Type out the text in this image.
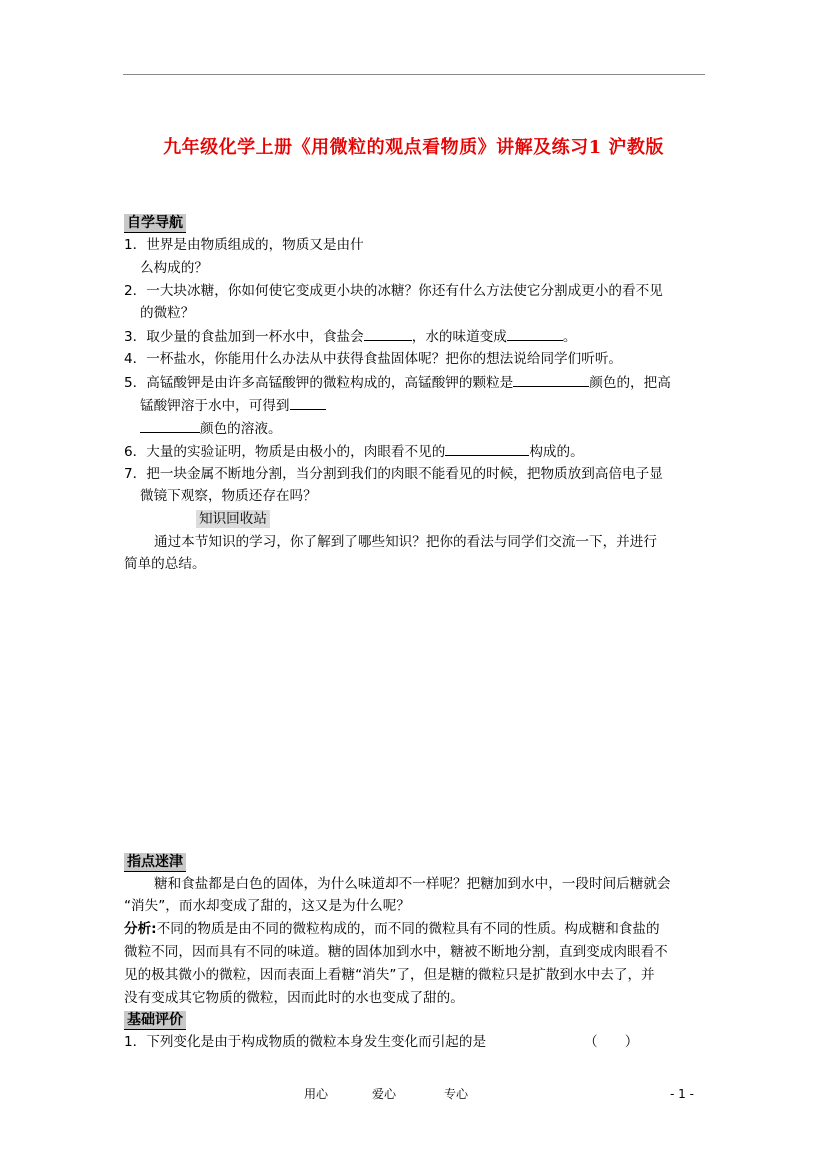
九年级化学上册《用微粒的观点看物质》讲解及练习1 沪教版
自学导航
1．世界是由物质组成的，物质又是由什
么构成的？
2．一大块冰糖，你如何使它变成更小块的冰糖？你还有什么方法使它分割成更小的看不见
的微粒？
3．取少量的食盐加到一杯水中，食盐会	，水的味道变成	。
4．一杯盐水，你能用什么办法从中获得食盐固体呢？把你的想法说给同学们听听。
5．高锰酸钾是由许多高锰酸钾的微粒构成的，高锰酸钾的颗粒是	颜色的，把高
锰酸钾溶于水中，可得到
颜色的溶液。
6．大量的实验证明，物质是由极小的，肉眼看不见的	构成的。
7．把一块金属不断地分割，当分割到我们的肉眼不能看见的时候，把物质放到高倍电子显
微镜下观察，物质还存在吗？
知识回收站
通过本节知识的学习，你了解到了哪些知识？把你的看法与同学们交流一下，并进行
简单的总结。
指点迷津
糖和食盐都是白色的固体，为什么味道却不一样呢？把糖加到水中，一段时间后糖就会
“消失”，而水却变成了甜的，这又是为什么呢？
分析:不同的物质是由不同的微粒构成的，而不同的微粒具有不同的性质。构成糖和食盐的
微粒不同，因而具有不同的味道。糖的固体加到水中，糖被不断地分割，直到变成肉眼看不
见的极其微小的微粒，因而表面上看糖“消失”了，但是糖的微粒只是扩散到水中去了，并
没有变成其它物质的微粒，因而此时的水也变成了甜的。
基础评价
1．下列变化是由于构成物质的微粒本身发生变化而引起的是	（　　）
用心	爱心	专心	- 1 -
